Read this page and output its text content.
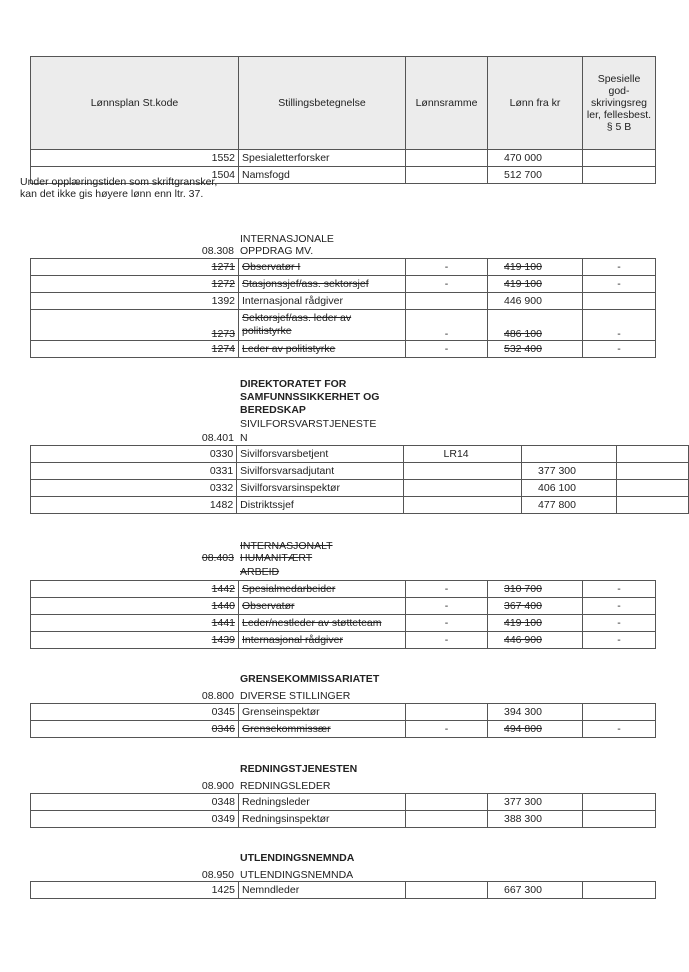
Lønnsplan St.kode	Stillingsbetegnelse	Lønnsramme	Lønn fra kr	Spesielle god-skrivingsreg ler, fellesbest. § 5 B
1552	Spesialetterforsker		470 000	
1504	Namsfogd		512 700	
Under opplæringstiden som skriftgransker, kan det ikke gis høyere lønn enn ltr. 37.
INTERNASJONALE
08.308 OPPDRAG MV.
1271	Observatør I	-	419 100	-
1272	Stasjonssjef/ass. sektorsjef	-	419 100	-
1392	Internasjonal rådgiver		446 900	
1273	Sektorsjef/ass. leder av
politistyrke	-	486 100	-
1274	Leder av politistyrke	-	532 400	-
DIREKTORATET FOR
SAMFUNNSSIKKERHET OG
BEREDSKAP
SIVILFORSVARSTJENESTE
08.401 N
0330	Sivilforsvarsbetjent	LR14		
0331	Sivilforsvarsadjutant		377 300	
0332	Sivilforsvarsinspektør		406 100	
1482	Distriktssjef		477 800	
INTERNASJONALT
08.403 HUMANITÆRT
ARBEID
1442	Spesialmedarbeider	-	310 700	-
1440	Observatør	-	367 400	-
1441	Leder/nestleder av støtteteam	-	419 100	-
1439	Internasjonal rådgiver	-	446 900	-
GRENSEKOMMISSARIATET
08.800 DIVERSE STILLINGER
0345	Grenseinspektør		394 300	
0346	Grensekommissær	-	494 800	-
REDNINGSTJENESTEN
08.900 REDNINGSLEDER
0348	Redningsleder		377 300	
0349	Redningsinspektør		388 300	
UTLENDINGSNEMNDA
08.950 UTLENDINGSNEMNDA
1425	Nemndleder		667 300	
